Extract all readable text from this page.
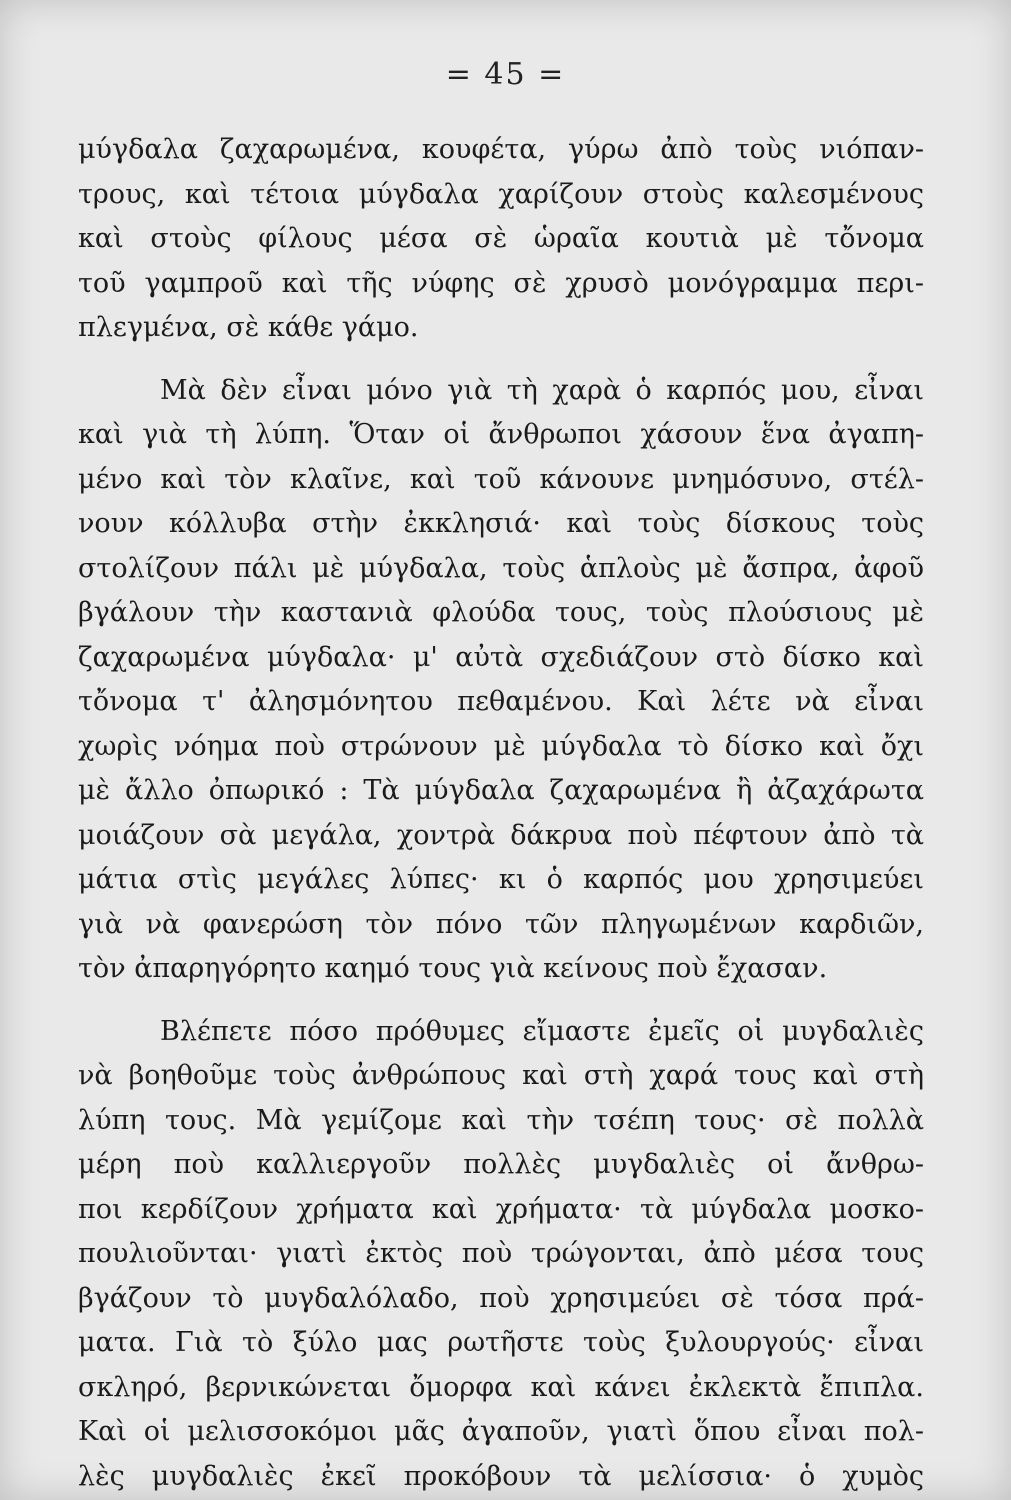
= 45 =
μύγδαλα ζαχαρωμένα, κουφέτα, γύρω ἀπὸ τοὺς νιόπαν-
τρους, καὶ τέτοια μύγδαλα χαρίζουν στοὺς καλεσμένους
καὶ στοὺς φίλους μέσα σὲ ὡραῖα κουτιὰ μὲ τὄνομα
τοῦ γαμπροῦ καὶ τῆς νύφης σὲ χρυσὸ μονόγραμμα περι-
πλεγμένα, σὲ κάθε γάμο.
Μὰ δὲν εἶναι μόνο γιὰ τὴ χαρὰ ὁ καρπός μου, εἶναι
καὶ γιὰ τὴ λύπη. Ὅταν οἱ ἄνθρωποι χάσουν ἕνα ἀγαπη-
μένο καὶ τὸν κλαῖνε, καὶ τοῦ κάνουνε μνημόσυνο, στέλ-
νουν κόλλυβα στὴν ἐκκλησιά· καὶ τοὺς δίσκους τοὺς
στολίζουν πάλι μὲ μύγδαλα, τοὺς ἁπλοὺς μὲ ἄσπρα, ἀφοῦ
βγάλουν τὴν καστανιὰ φλούδα τους, τοὺς πλούσιους μὲ
ζαχαρωμένα μύγδαλα· μ' αὐτὰ σχεδιάζουν στὸ δίσκο καὶ
τὄνομα τ' ἀλησμόνητου πεθαμένου. Καὶ λέτε νὰ εἶναι
χωρὶς νόημα ποὺ στρώνουν μὲ μύγδαλα τὸ δίσκο καὶ ὄχι
μὲ ἄλλο ὀπωρικό : Τὰ μύγδαλα ζαχαρωμένα ἢ ἀζαχάρωτα
μοιάζουν σὰ μεγάλα, χοντρὰ δάκρυα ποὺ πέφτουν ἀπὸ τὰ
μάτια στὶς μεγάλες λύπες· κι ὁ καρπός μου χρησιμεύει
γιὰ νὰ φανερώση τὸν πόνο τῶν πληγωμένων καρδιῶν,
τὸν ἀπαρηγόρητο καημό τους γιὰ κείνους ποὺ ἔχασαν.
Βλέπετε πόσο πρόθυμες εἴμαστε ἐμεῖς οἱ μυγδαλιὲς
νὰ βοηθοῦμε τοὺς ἀνθρώπους καὶ στὴ χαρά τους καὶ στὴ
λύπη τους. Μὰ γεμίζομε καὶ τὴν τσέπη τους· σὲ πολλὰ
μέρη ποὺ καλλιεργοῦν πολλὲς μυγδαλιὲς οἱ ἄνθρω-
ποι κερδίζουν χρήματα καὶ χρήματα· τὰ μύγδαλα μοσκο-
πουλιοῦνται· γιατὶ ἐκτὸς ποὺ τρώγονται, ἀπὸ μέσα τους
βγάζουν τὸ μυγδαλόλαδο, ποὺ χρησιμεύει σὲ τόσα πρά-
ματα. Γιὰ τὸ ξύλο μας ρωτῆστε τοὺς ξυλουργούς· εἶναι
σκληρό, βερνικώνεται ὄμορφα καὶ κάνει ἐκλεκτὰ ἔπιπλα.
Καὶ οἱ μελισσοκόμοι μᾶς ἀγαποῦν, γιατὶ ὅπου εἶναι πολ-
λὲς μυγδαλιὲς ἐκεῖ προκόβουν τὰ μελίσσια· ὁ χυμὸς
